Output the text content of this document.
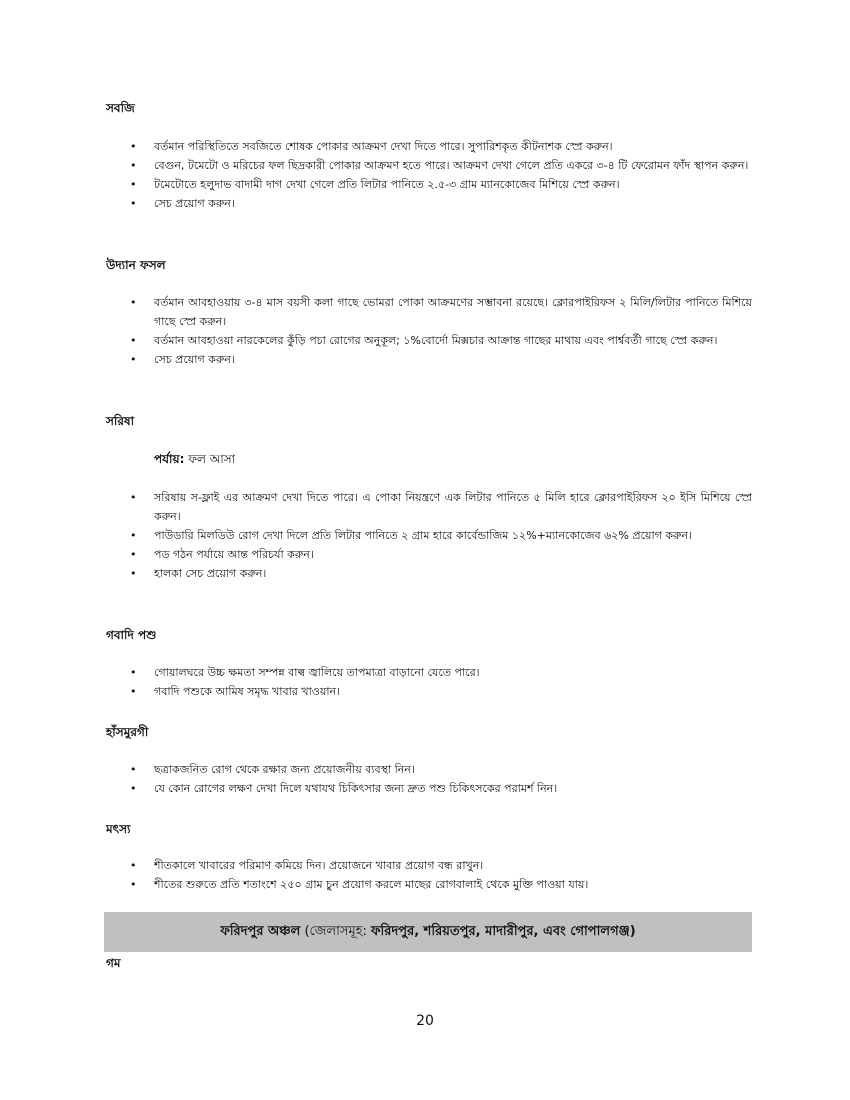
সবজি
• বর্তমান পরিস্থিতিতে সবজিতে শোষক পোকার আক্রমণ দেখা দিতে পারে। সুপারিশকৃত কীটনাশক স্প্রে করুন।
• বেগুন, টমেটো ও মরিচের ফল ছিদ্রকারী পোকার আক্রমণ হতে পারে। আক্রমণ দেখা গেলে প্রতি একরে ৩-৪ টি ফেরোমন ফাঁদ স্থাপন করুন।
• টমেটোতে হলুদাভ বাদামী দাগ দেখা গেলে প্রতি লিটার পানিতে ২.৫-৩ গ্রাম ম্যানকোজেব মিশিয়ে স্প্রে করুন।
• সেচ প্রয়োগ করুন।
উদ্যান ফসল
• বর্তমান আবহাওয়ায় ৩-৪ মাস বয়সী কলা গাছে ভোমরা পোকা আক্রমণের সম্ভাবনা রয়েছে। ক্লোরপাইরিফস ২ মিলি/লিটার পানিতে মিশিয়ে গাছে স্প্রে করুন।
• বর্তমান আবহাওয়া নারকেলের কুঁড়ি পচা রোগের অনুকূল; ১%বোর্দো মিক্সচার আক্রান্ত গাছের মাথায় এবং পার্শ্ববর্তী গাছে স্প্রে করুন।
• সেচ প্রয়োগ করুন।
সরিষা

পর্যায়: ফল আসা

• সরিষায় স-ফ্লাই এর আক্রমণ দেখা দিতে পারে। এ পোকা নিয়ন্ত্রণে এক লিটার পানিতে ৫ মিলি হারে ক্লোরপাইরিফস ২০ ইসি মিশিয়ে স্প্রে করুন।
• পাউডারি মিলডিউ রোগ দেখা দিলে প্রতি লিটার পানিতে ২ গ্রাম হারে কার্বেন্ডাজিম ১২%+ম্যানকোজেব ৬২% প্রয়োগ করুন।
• পড গঠন পর্যায়ে আন্ত পরিচর্যা করুন।
• হালকা সেচ প্রয়োগ করুন।
গবাদি পশু
• গোয়ালঘরে উচ্চ ক্ষমতা সম্পন্ন বাল্ব জ্বালিয়ে তাপমাত্রা বাড়ানো যেতে পারে।
• গবাদি পশুকে আমিষ সমৃদ্ধ খাবার খাওয়ান।
হাঁসমুরগী
• ছত্রাকজনিত রোগ থেকে রক্ষার জন্য প্রয়োজনীয় ব্যবস্থা নিন।
• যে কোন রোগের লক্ষণ দেখা দিলে যথাযথ চিকিৎসার জন্য দ্রুত পশু চিকিৎসকের পরামর্শ নিন।
মৎস্য
• শীতকালে খাবারের পরিমাণ কমিয়ে দিন। প্রয়োজনে খাবার প্রয়োগ বন্ধ রাখুন।
• শীতের শুরুতে প্রতি শতাংশে ২৫০ গ্রাম চুন প্রয়োগ করলে মাছের রোগবালাই থেকে মুক্তি পাওয়া যায়।
ফরিদপুর অঞ্চল (জেলাসমূহ: ফরিদপুর, শরিয়তপুর, মাদারীপুর, এবং গোপালগঞ্জ)
গম
20
